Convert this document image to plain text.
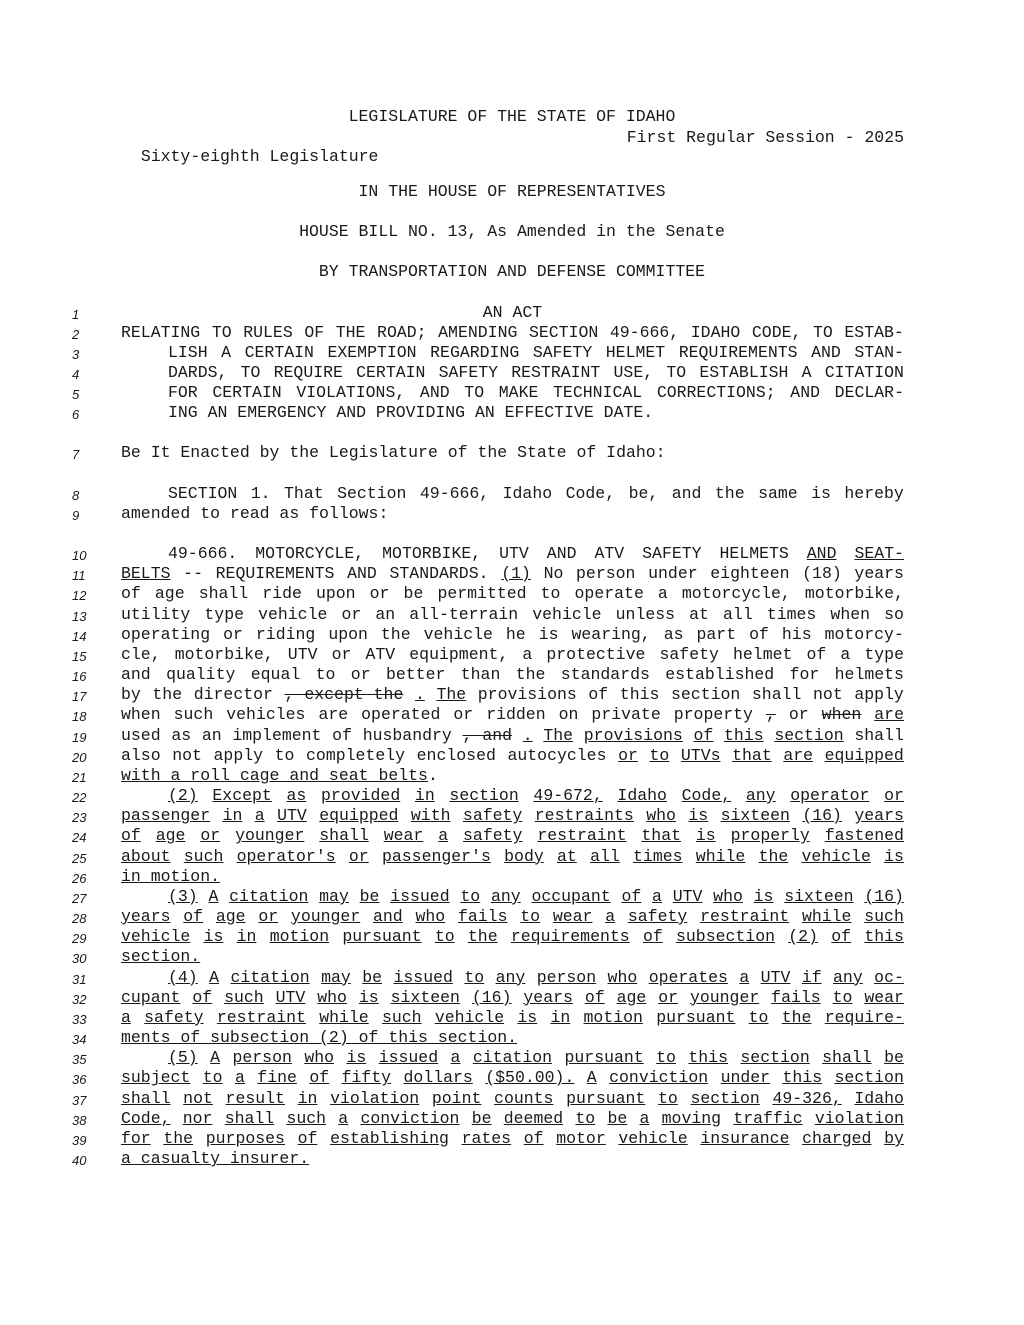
LEGISLATURE OF THE STATE OF IDAHO

Sixty-eighth Legislature

First Regular Session - 2025

IN THE HOUSE OF REPRESENTATIVES
HOUSE BILL NO. 13, As Amended in the Senate
BY TRANSPORTATION AND DEFENSE COMMITTEE
1	AN ACT
2	RELATING TO RULES OF THE ROAD; AMENDING SECTION 49-666, IDAHO CODE, TO ESTAB-
3	LISH A CERTAIN EXEMPTION REGARDING SAFETY HELMET REQUIREMENTS AND STAN-
4	DARDS, TO REQUIRE CERTAIN SAFETY RESTRAINT USE, TO ESTABLISH A CITATION
5	FOR CERTAIN VIOLATIONS, AND TO MAKE TECHNICAL CORRECTIONS; AND DECLAR-
6	ING AN EMERGENCY AND PROVIDING AN EFFECTIVE DATE.
7	Be It Enacted by the Legislature of the State of Idaho:
8	SECTION 1. That Section 49-666, Idaho Code, be, and the same is hereby
9	amended to read as follows:
10	49-666. MOTORCYCLE, MOTORBIKE, UTV AND ATV SAFETY HELMETS AND SEAT-
11	BELTS -- REQUIREMENTS AND STANDARDS. (1) No person under eighteen (18) years
12	of age shall ride upon or be permitted to operate a motorcycle, motorbike,
13	utility type vehicle or an all-terrain vehicle unless at all times when so
14	operating or riding upon the vehicle he is wearing, as part of his motorcy-
15	cle, motorbike, UTV or ATV equipment, a protective safety helmet of a type
16	and quality equal to or better than the standards established for helmets
17	by the director , except the . The provisions of this section shall not apply
18	when such vehicles are operated or ridden on private property , or when are
19	used as an implement of husbandry , and . The provisions of this section shall
20	also not apply to completely enclosed autocycles or to UTVs that are equipped
21	with a roll cage and seat belts .
22	(2) Except as provided in section 49-672, Idaho Code, any operator or
23	passenger in a UTV equipped with safety restraints who is sixteen (16) years
24	of age or younger shall wear a safety restraint that is properly fastened
25	about such operator's or passenger's body at all times while the vehicle is
26	in motion.
27	(3) A citation may be issued to any occupant of a UTV who is sixteen (16)
28	years of age or younger and who fails to wear a safety restraint while such
29	vehicle is in motion pursuant to the requirements of subsection (2) of this
30	section.
31	(4) A citation may be issued to any person who operates a UTV if any oc-
32	cupant of such UTV who is sixteen (16) years of age or younger fails to wear
33	a safety restraint while such vehicle is in motion pursuant to the require-
34	ments of subsection (2) of this section.
35	(5) A person who is issued a citation pursuant to this section shall be
36	subject to a fine of fifty dollars ($50.00). A conviction under this section
37	shall not result in violation point counts pursuant to section 49-326, Idaho
38	Code, nor shall such a conviction be deemed to be a moving traffic violation
39	for the purposes of establishing rates of motor vehicle insurance charged by
40	a casualty insurer.
